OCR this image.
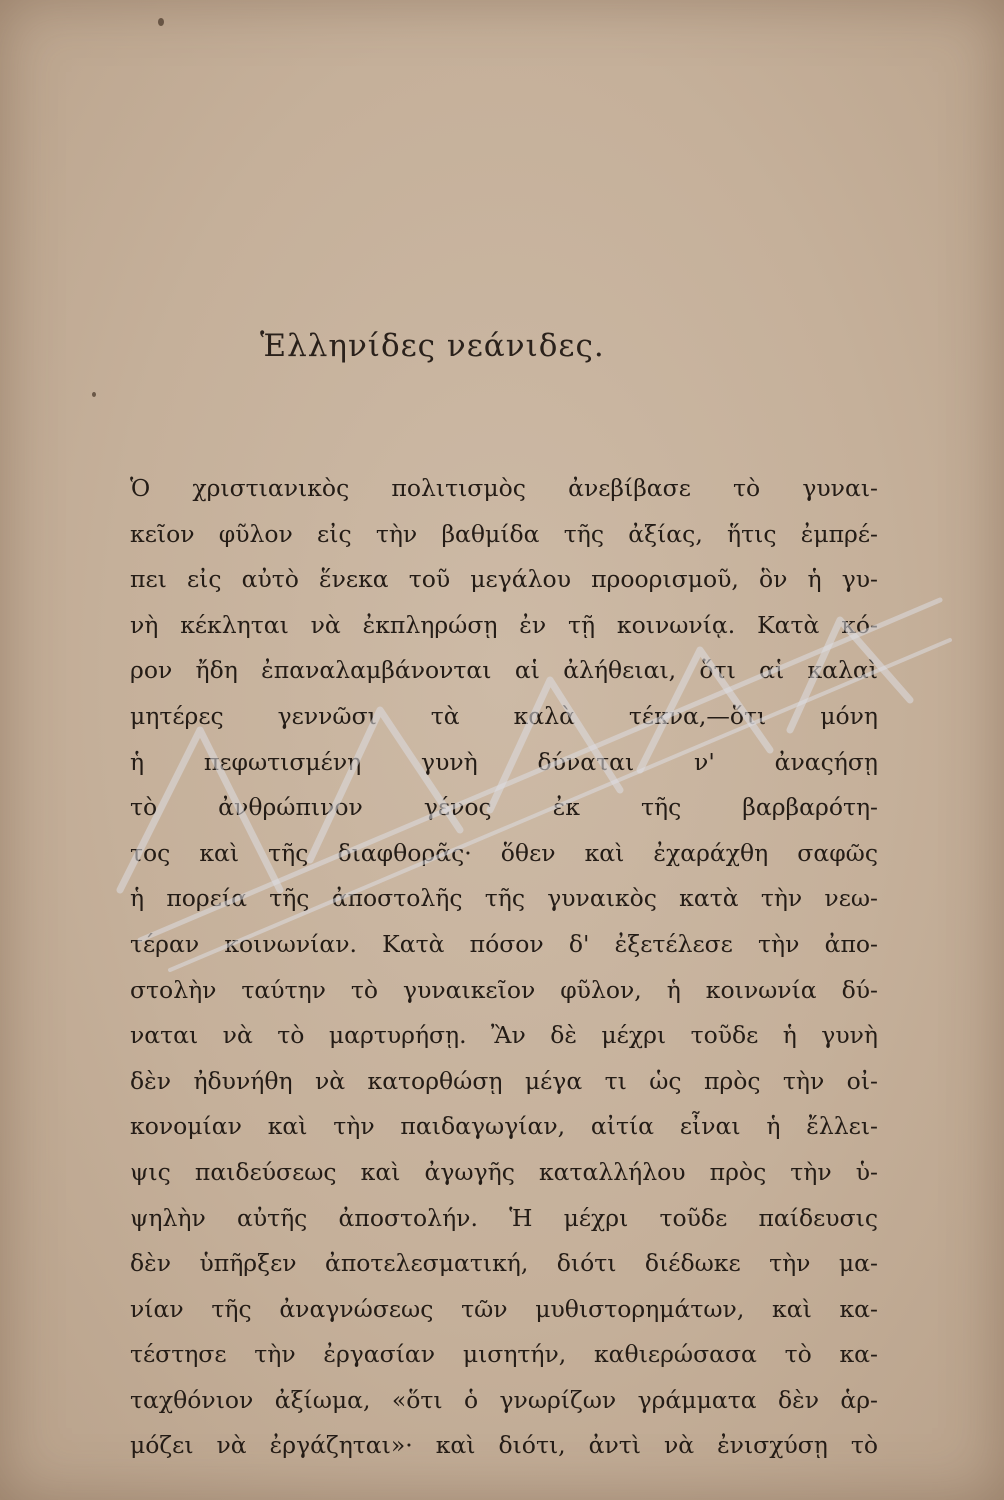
Ἑλληνίδες νεάνιδες.
Ὁ χριστιανικὸς πολιτισμὸς ἀνεβίβασε τὸ γυναι-
κεῖον φῦλον εἰς τὴν βαθμίδα τῆς ἀξίας, ἥτις ἐμπρέ-
πει εἰς αὐτὸ ἕνεκα τοῦ μεγάλου προορισμοῦ, ὃν ἡ γυ-
νὴ κέκληται νὰ ἐκπληρώσῃ ἐν τῇ κοινωνίᾳ. Κατὰ κό-
ρον ἤδη ἐπαναλαμβάνονται αἱ ἀλήθειαι, ὅτι αἱ καλαὶ
μητέρες γεννῶσι τὰ καλὰ τέκνα,—ὅτι μόνη
ἡ πεφωτισμένη γυνὴ δύναται ν' ἀναςήσῃ
τὸ ἀνθρώπινον γένος ἐκ τῆς βαρβαρότη-
τος καὶ τῆς διαφθορᾶς· ὅθεν καὶ ἐχαράχθη σαφῶς
ἡ πορεία τῆς ἀποστολῆς τῆς γυναικὸς κατὰ τὴν νεω-
τέραν κοινωνίαν. Κατὰ πόσον δ' ἐξετέλεσε τὴν ἀπο-
στολὴν ταύτην τὸ γυναικεῖον φῦλον, ἡ κοινωνία δύ-
ναται νὰ τὸ μαρτυρήσῃ. Ἂν δὲ μέχρι τοῦδε ἡ γυνὴ
δὲν ἠδυνήθη νὰ κατορθώσῃ μέγα τι ὡς πρὸς τὴν οἰ-
κονομίαν καὶ τὴν παιδαγωγίαν, αἰτία εἶναι ἡ ἔλλει-
ψις παιδεύσεως καὶ ἀγωγῆς καταλλήλου πρὸς τὴν ὑ-
ψηλὴν αὐτῆς ἀποστολήν. Ἡ μέχρι τοῦδε παίδευσις
δὲν ὑπῆρξεν ἀποτελεσματική, διότι διέδωκε τὴν μα-
νίαν τῆς ἀναγνώσεως τῶν μυθιστορημάτων, καὶ κα-
τέστησε τὴν ἐργασίαν μισητήν, καθιερώσασα τὸ κα-
ταχθόνιον ἀξίωμα, «ὅτι ὁ γνωρίζων γράμματα δὲν ἁρ-
μόζει νὰ ἐργάζηται»· καὶ διότι, ἀντὶ νὰ ἐνισχύσῃ τὸ
